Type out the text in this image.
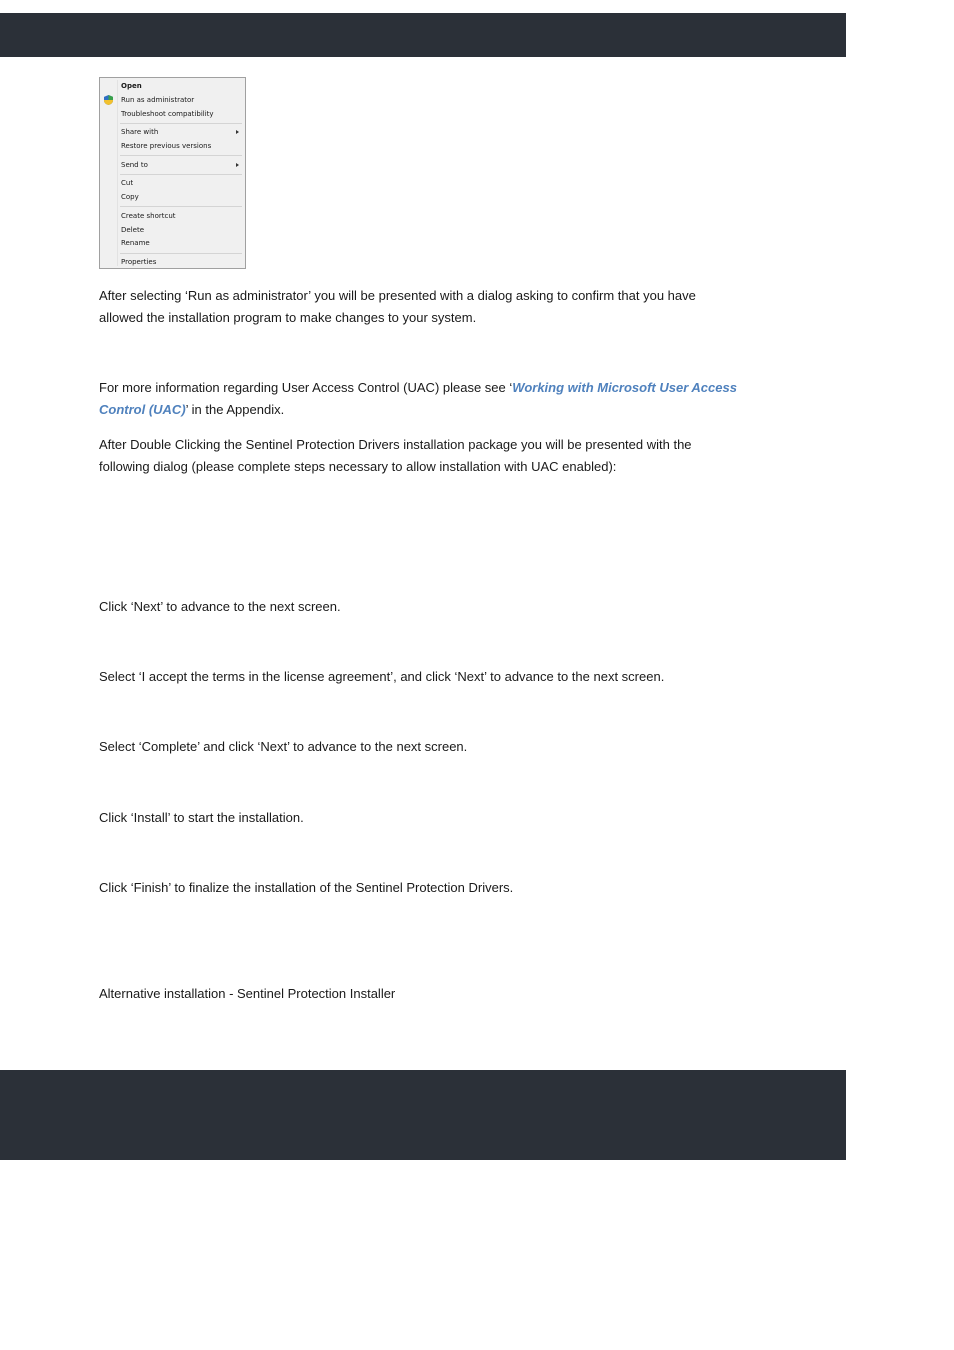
Open
Run as administrator
Troubleshoot compatibility
Share with
Restore previous versions
Send to
Cut
Copy
Create shortcut
Delete
Rename
Properties

After selecting ‘Run as administrator’ you will be presented with a dialog asking to confirm that you have allowed the installation program to make changes to your system.

For more information regarding User Access Control (UAC) please see ‘Working with Microsoft User Access Control (UAC)’ in the Appendix.

After Double Clicking the Sentinel Protection Drivers installation package you will be presented with the following dialog (please complete steps necessary to allow installation with UAC enabled):

Click ‘Next’ to advance to the next screen.

Select ‘I accept the terms in the license agreement’, and click ‘Next’ to advance to the next screen.

Select ‘Complete’ and click ‘Next’ to advance to the next screen.

Click ‘Install’ to start the installation.

Click ‘Finish’ to finalize the installation of the Sentinel Protection Drivers.

Alternative installation - Sentinel Protection Installer
